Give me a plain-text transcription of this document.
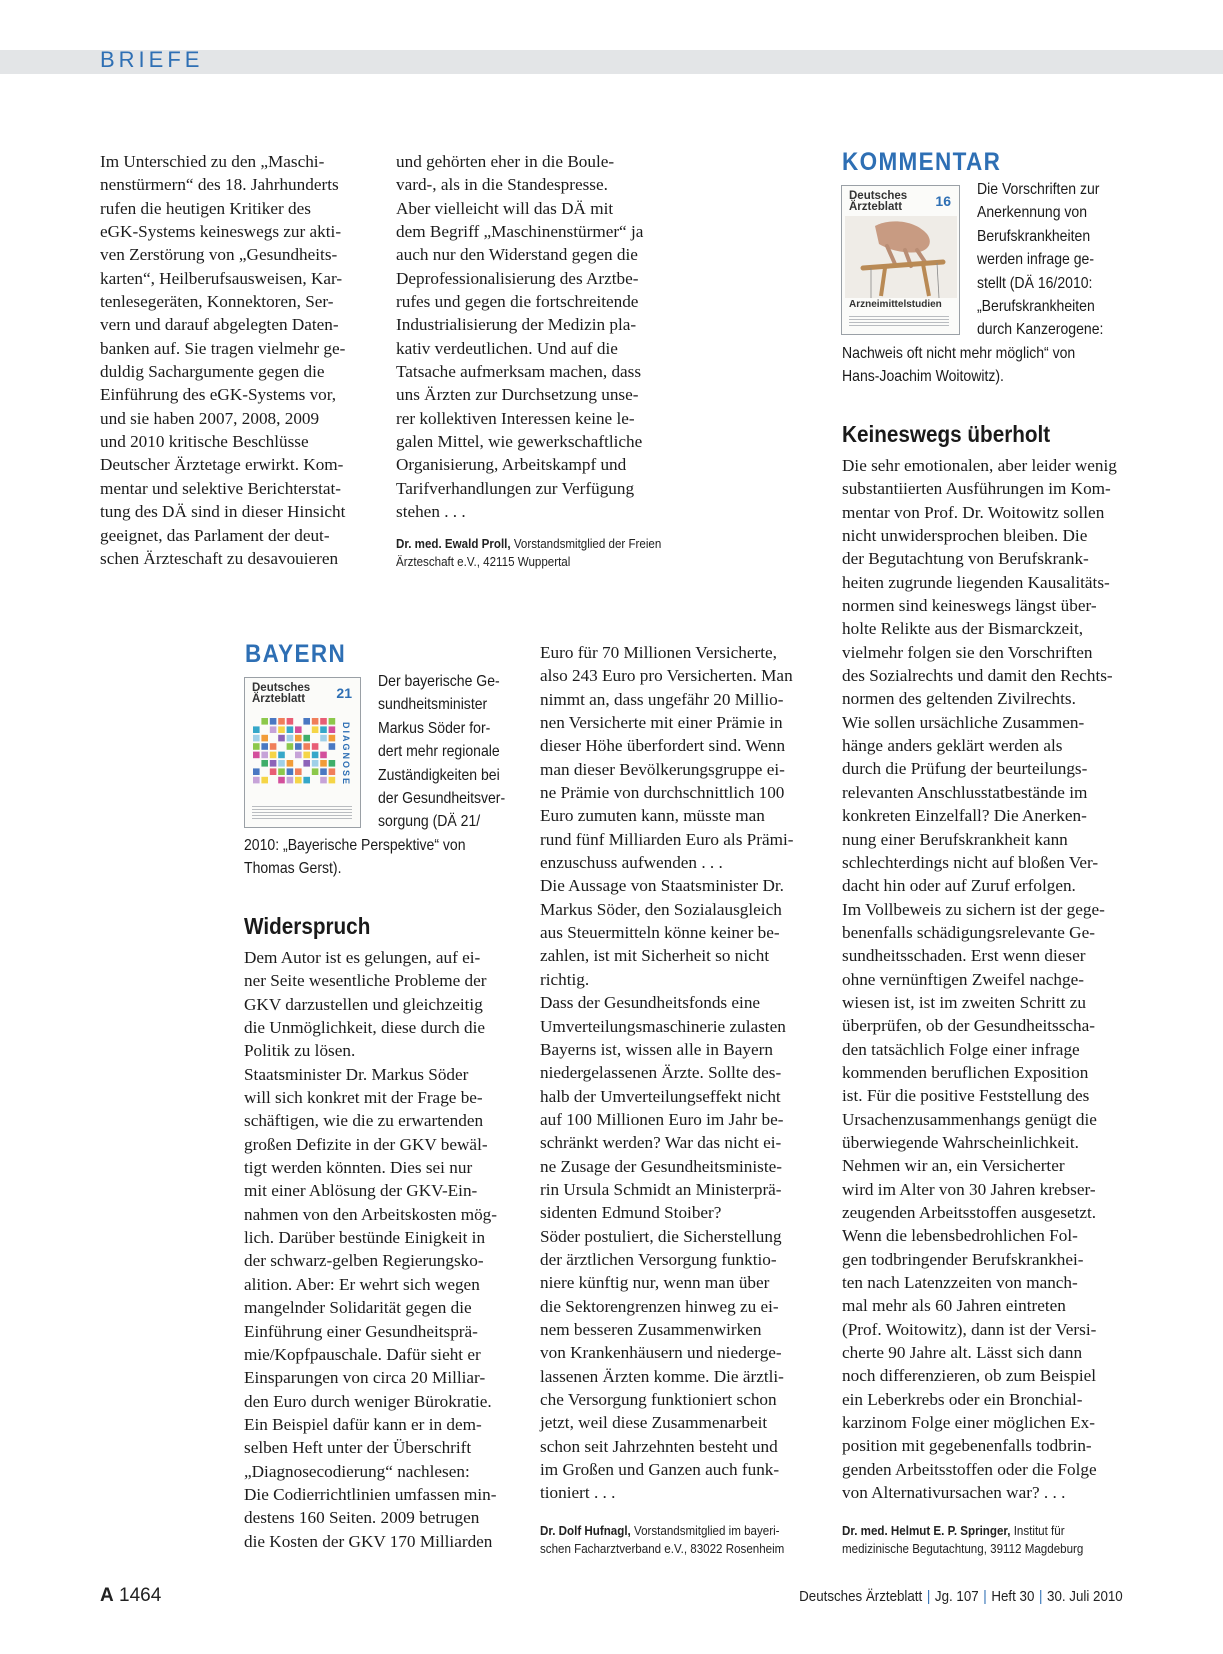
BRIEFE
Im Unterschied zu den „Maschi-
nenstürmern“ des 18. Jahrhunderts
rufen die heutigen Kritiker des
eGK-Systems keineswegs zur akti-
ven Zerstörung von „Gesundheits-
karten“, Heilberufsausweisen, Kar-
tenlesegeräten, Konnektoren, Ser-
vern und darauf abgelegten Daten-
banken auf. Sie tragen vielmehr ge-
duldig Sachargumente gegen die
Einführung des eGK-Systems vor,
und sie haben 2007, 2008, 2009
und 2010 kritische Beschlüsse
Deutscher Ärztetage erwirkt. Kom-
mentar und selektive Berichterstat-
tung des DÄ sind in dieser Hinsicht
geeignet, das Parlament der deut-
schen Ärzteschaft zu desavouieren
und gehörten eher in die Boule-
vard-, als in die Standespresse.
Aber vielleicht will das DÄ mit
dem Begriff „Maschinenstürmer“ ja
auch nur den Widerstand gegen die
Deprofessionalisierung des Arztbe-
rufes und gegen die fortschreitende
Industrialisierung der Medizin pla-
kativ verdeutlichen. Und auf die
Tatsache aufmerksam machen, dass
uns Ärzten zur Durchsetzung unse-
rer kollektiven Interessen keine le-
galen Mittel, wie gewerkschaftliche
Organisierung, Arbeitskampf und
Tarifverhandlungen zur Verfügung
stehen . . .
Dr. med. Ewald Proll, Vorstandsmitglied der Freien
Ärzteschaft e.V., 42115 Wuppertal
KOMMENTAR
Deutsches
Ärzteblatt	16
Arzneimittelstudien
Die Vorschriften zur
Anerkennung von
Berufskrankheiten
werden infrage ge-
stellt (DÄ 16/2010:
„Berufskrankheiten
durch Kanzerogene:
Nachweis oft nicht mehr möglich“ von
Hans-Joachim Woitowitz).
Keineswegs überholt
Die sehr emotionalen, aber leider wenig
substantiierten Ausführungen im Kom-
mentar von Prof. Dr. Woitowitz sollen
nicht unwidersprochen bleiben. Die
der Begutachtung von Berufskrank-
heiten zugrunde liegenden Kausalitäts-
normen sind keineswegs längst über-
holte Relikte aus der Bismarckzeit,
vielmehr folgen sie den Vorschriften
des Sozialrechts und damit den Rechts-
normen des geltenden Zivilrechts.
Wie sollen ursächliche Zusammen-
hänge anders geklärt werden als
durch die Prüfung der beurteilungs-
relevanten Anschlusstatbestände im
konkreten Einzelfall? Die Anerken-
nung einer Berufskrankheit kann
schlechterdings nicht auf bloßen Ver-
dacht hin oder auf Zuruf erfolgen.
Im Vollbeweis zu sichern ist der gege-
benenfalls schädigungsrelevante Ge-
sundheitsschaden. Erst wenn dieser
ohne vernünftigen Zweifel nachge-
wiesen ist, ist im zweiten Schritt zu
überprüfen, ob der Gesundheitsscha-
den tatsächlich Folge einer infrage
kommenden beruflichen Exposition
ist. Für die positive Feststellung des
Ursachenzusammenhangs genügt die
überwiegende Wahrscheinlichkeit.
Nehmen wir an, ein Versicherter
wird im Alter von 30 Jahren krebser-
zeugenden Arbeitsstoffen ausgesetzt.
Wenn die lebensbedrohlichen Fol-
gen todbringender Berufskrankhei-
ten nach Latenzzeiten von manch-
mal mehr als 60 Jahren eintreten
(Prof. Woitowitz), dann ist der Versi-
cherte 90 Jahre alt. Lässt sich dann
noch differenzieren, ob zum Beispiel
ein Leberkrebs oder ein Bronchial-
karzinom Folge einer möglichen Ex-
position mit gegebenenfalls todbrin-
genden Arbeitsstoffen oder die Folge
von Alternativursachen war? . . .
Dr. med. Helmut E. P. Springer, Institut für
medizinische Begutachtung, 39112 Magdeburg
BAYERN
Deutsches
Ärzteblatt	21
DIAGNOSE
Der bayerische Ge-
sundheitsminister
Markus Söder for-
dert mehr regionale
Zuständigkeiten bei
der Gesundheitsver-
sorgung (DÄ 21/
2010: „Bayerische Perspektive“ von
Thomas Gerst).
Widerspruch
Dem Autor ist es gelungen, auf ei-
ner Seite wesentliche Probleme der
GKV darzustellen und gleichzeitig
die Unmöglichkeit, diese durch die
Politik zu lösen.
Staatsminister Dr. Markus Söder
will sich konkret mit der Frage be-
schäftigen, wie die zu erwartenden
großen Defizite in der GKV bewäl-
tigt werden könnten. Dies sei nur
mit einer Ablösung der GKV-Ein-
nahmen von den Arbeitskosten mög-
lich. Darüber bestünde Einigkeit in
der schwarz-gelben Regierungsko-
alition. Aber: Er wehrt sich wegen
mangelnder Solidarität gegen die
Einführung einer Gesundheitsprä-
mie/Kopfpauschale. Dafür sieht er
Einsparungen von circa 20 Milliar-
den Euro durch weniger Bürokratie.
Ein Beispiel dafür kann er in dem-
selben Heft unter der Überschrift
„Diagnosecodierung“ nachlesen:
Die Codierrichtlinien umfassen min-
destens 160 Seiten. 2009 betrugen
die Kosten der GKV 170 Milliarden
Euro für 70 Millionen Versicherte,
also 243 Euro pro Versicherten. Man
nimmt an, dass ungefähr 20 Millio-
nen Versicherte mit einer Prämie in
dieser Höhe überfordert sind. Wenn
man dieser Bevölkerungsgruppe ei-
ne Prämie von durchschnittlich 100
Euro zumuten kann, müsste man
rund fünf Milliarden Euro als Prämi-
enzuschuss aufwenden . . .
Die Aussage von Staatsminister Dr.
Markus Söder, den Sozialausgleich
aus Steuermitteln könne keiner be-
zahlen, ist mit Sicherheit so nicht
richtig.
Dass der Gesundheitsfonds eine
Umverteilungsmaschinerie zulasten
Bayerns ist, wissen alle in Bayern
niedergelassenen Ärzte. Sollte des-
halb der Umverteilungseffekt nicht
auf 100 Millionen Euro im Jahr be-
schränkt werden? War das nicht ei-
ne Zusage der Gesundheitsministe-
rin Ursula Schmidt an Ministerprä-
sidenten Edmund Stoiber?
Söder postuliert, die Sicherstellung
der ärztlichen Versorgung funktio-
niere künftig nur, wenn man über
die Sektorengrenzen hinweg zu ei-
nem besseren Zusammenwirken
von Krankenhäusern und niederge-
lassenen Ärzten komme. Die ärztli-
che Versorgung funktioniert schon
jetzt, weil diese Zusammenarbeit
schon seit Jahrzehnten besteht und
im Großen und Ganzen auch funk-
tioniert . . .
Dr. Dolf Hufnagl, Vorstandsmitglied im bayeri-
schen Facharztverband e.V., 83022 Rosenheim
A 1464	Deutsches Ärzteblatt | Jg. 107 | Heft 30 | 30. Juli 2010
